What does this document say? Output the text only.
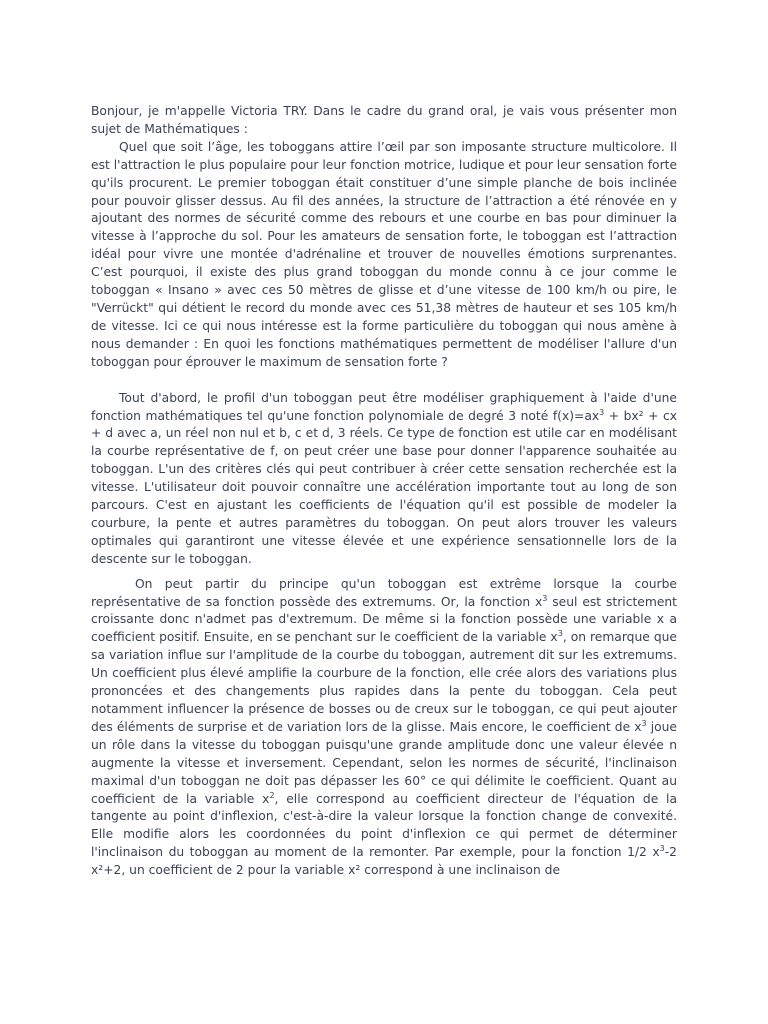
Bonjour, je m'appelle Victoria TRY. Dans le cadre du grand oral, je vais vous présenter mon sujet de Mathématiques :

Quel que soit l’âge, les toboggans attire l’œil par son imposante structure multicolore. Il est l'attraction le plus populaire pour leur fonction motrice, ludique et pour leur sensation forte qu'ils procurent. Le premier toboggan était constituer d’une simple planche de bois inclinée pour pouvoir glisser dessus. Au fil des années, la structure de l’attraction a été rénovée en y ajoutant des normes de sécurité comme des rebours et une courbe en bas pour diminuer la vitesse à l’approche du sol. Pour les amateurs de sensation forte, le toboggan est l’attraction idéal pour vivre une montée d'adrénaline et trouver de nouvelles émotions surprenantes. C’est pourquoi, il existe des plus grand toboggan du monde connu à ce jour comme le toboggan « Insano » avec ces 50 mètres de glisse et d’une vitesse de 100 km/h ou pire, le "Verrückt" qui détient le record du monde avec ces 51,38 mètres de hauteur et ses 105 km/h de vitesse. Ici ce qui nous intéresse est la forme particulière du toboggan qui nous amène à nous demander : En quoi les fonctions mathématiques permettent de modéliser l'allure d'un toboggan pour éprouver le maximum de sensation forte ?

Tout d'abord, le profil d'un toboggan peut être modéliser graphiquement à l'aide d'une fonction mathématiques tel qu'une fonction polynomiale de degré 3 noté $f(x)=ax^3 + bx^2$ + cx + d avec a, un réel non nul et b, c et d, 3 réels. Ce type de fonction est utile car en modélisant la courbe représentative de f, on peut créer une base pour donner l'apparence souhaitée au toboggan. L'un des critères clés qui peut contribuer à créer cette sensation recherchée est la vitesse. L'utilisateur doit pouvoir connaître une accélération importante tout au long de son parcours. C'est en ajustant les coefficients de l'équation qu'il est possible de modeler la courbure, la pente et autres paramètres du toboggan. On peut alors trouver les valeurs optimales qui garantiront une vitesse élevée et une expérience sensationnelle lors de la descente sur le toboggan.

On peut partir du principe qu'un toboggan est extrême lorsque la courbe représentative de sa fonction possède des extremums. Or, la fonction $x^3$ seul est strictement croissante donc n'admet pas d'extremum. De même si la fonction possède une variable x a coefficient positif. Ensuite, en se penchant sur le coefficient de la variable $x^3$, on remarque que sa variation influe sur l'amplitude de la courbe du toboggan, autrement dit sur les extremums. Un coefficient plus élevé amplifie la courbure de la fonction, elle crée alors des variations plus prononcées et des changements plus rapides dans la pente du toboggan. Cela peut notamment influencer la présence de bosses ou de creux sur le toboggan, ce qui peut ajouter des éléments de surprise et de variation lors de la glisse. Mais encore, le coefficient de $x^3$ joue un rôle dans la vitesse du toboggan puisqu'une grande amplitude donc une valeur élevée n augmente la vitesse et inversement. Cependant, selon les normes de sécurité, l'inclinaison maximal d'un toboggan ne doit pas dépasser les 60° ce qui délimite le coefficient. Quant au coefficient de la variable $x^2$, elle correspond au coefficient directeur de l'équation de la tangente au point d'inflexion, c'est-à-dire la valeur lorsque la fonction change de convexité. Elle modifie alors les coordonnées du point d'inflexion ce qui permet de déterminer l'inclinaison du toboggan au moment de la remonter. Par exemple, pour la fonction 1/2 $x^3-2$ x²+2, un coefficient de 2 pour la variable x² correspond à une inclinaison de
